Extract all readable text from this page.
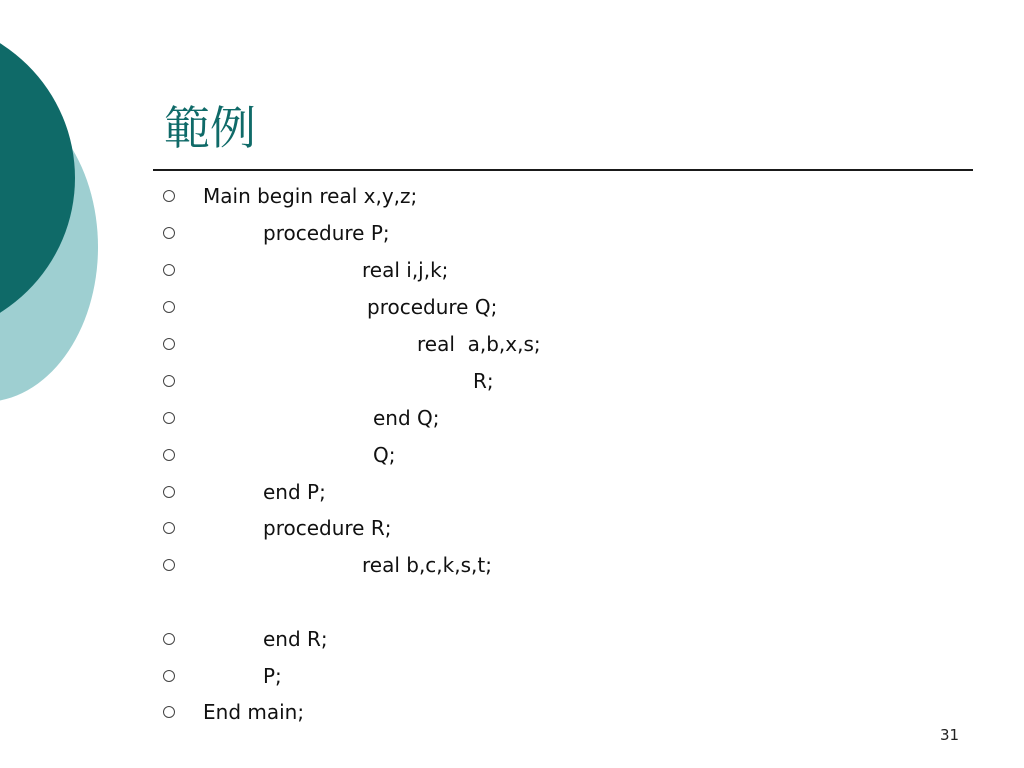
範例
Main begin real x,y,z;
procedure P;
real i,j,k;
procedure Q;
real  a,b,x,s;
R;
end Q;
Q;
end P;
procedure R;
real b,c,k,s,t;
end R;
P;
End main;
31
